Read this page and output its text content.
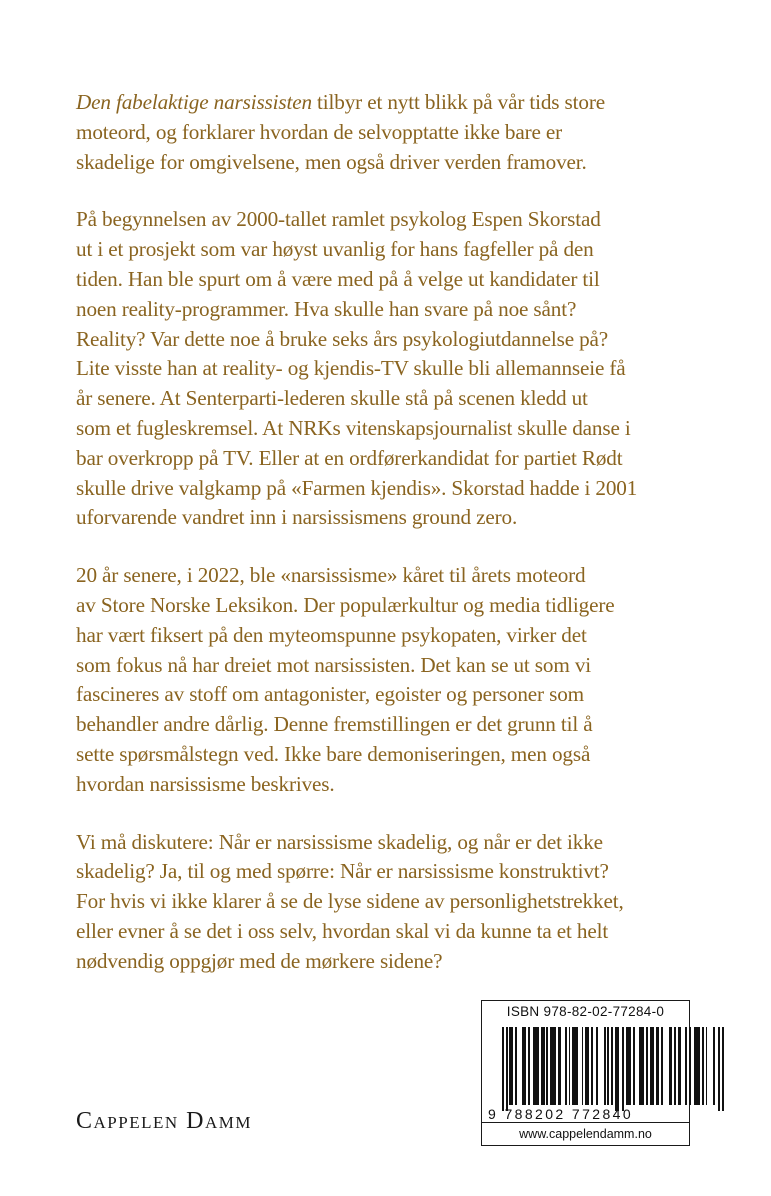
Den fabelaktige narsissisten tilbyr et nytt blikk på vår tids store
moteord, og forklarer hvordan de selvopptatte ikke bare er
skadelige for omgivelsene, men også driver verden framover.

På begynnelsen av 2000-tallet ramlet psykolog Espen Skorstad
ut i et prosjekt som var høyst uvanlig for hans fagfeller på den
tiden. Han ble spurt om å være med på å velge ut kandidater til
noen reality-programmer. Hva skulle han svare på noe sånt?
Reality? Var dette noe å bruke seks års psykologiutdannelse på?
Lite visste han at reality- og kjendis-TV skulle bli allemannseie få
år senere. At Senterparti-lederen skulle stå på scenen kledd ut
som et fugleskremsel. At NRKs vitenskapsjournalist skulle danse i
bar overkropp på TV. Eller at en ordførerkandidat for partiet Rødt
skulle drive valgkamp på «Farmen kjendis». Skorstad hadde i 2001
uforvarende vandret inn i narsissismens ground zero.

20 år senere, i 2022, ble «narsissisme» kåret til årets moteord
av Store Norske Leksikon. Der populærkultur og media tidligere
har vært fiksert på den myteomspunne psykopaten, virker det
som fokus nå har dreiet mot narsissisten. Det kan se ut som vi
fascineres av stoff om antagonister, egoister og personer som
behandler andre dårlig. Denne fremstillingen er det grunn til å
sette spørsmålstegn ved. Ikke bare demoniseringen, men også
hvordan narsissisme beskrives.

Vi må diskutere: Når er narsissisme skadelig, og når er det ikke
skadelig? Ja, til og med spørre: Når er narsissisme konstruktivt?
For hvis vi ikke klarer å se de lyse sidene av personlighetstrekket,
eller evner å se det i oss selv, hvordan skal vi da kunne ta et helt
nødvendig oppgjør med de mørkere sidene?

Cappelen Damm
ISBN 978-82-02-77284-0
9 788202 772840
www.cappelendamm.no
